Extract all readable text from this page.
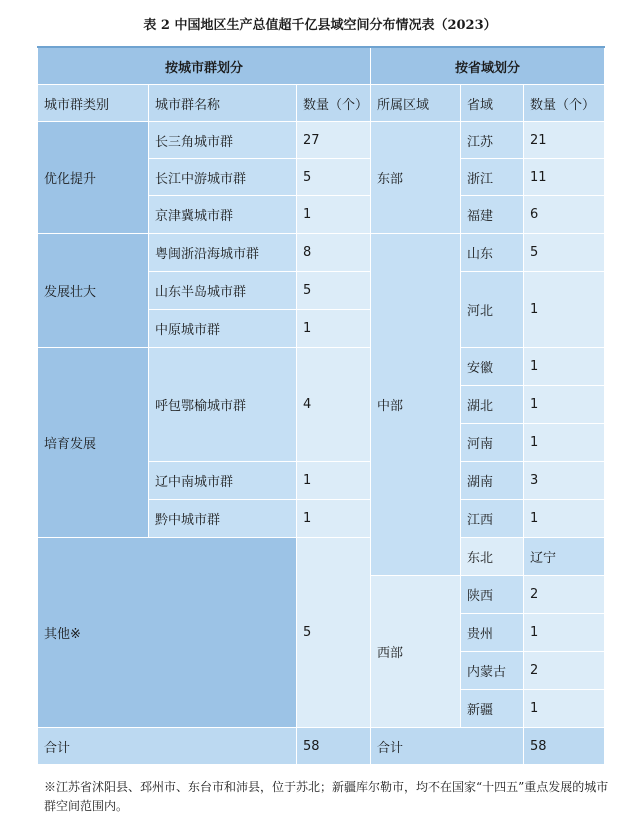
表 2 中国地区生产总值超千亿县域空间分布情况表（2023）
按城市群划分			按省域划分			
城市群类别	城市群名称	数量（个）	所属区域	省域	数量（个）	
优化提升	长三角城市群	27	东部	江苏	21	
	长江中游城市群	5		浙江	11	
	京津冀城市群	1		福建	6	
发展壮大	粤闽浙沿海城市群	8	中部	山东	5	
	山东半岛城市群	5		河北	1	
	中原城市群	1				
培育发展	呼包鄂榆城市群	4		安徽	1	
				湖北	1	
				河南	1	
	辽中南城市群	1		湖南	3	
	黔中城市群	1		江西	1	
其他※		5		东北	辽宁	
			西部	陕西	2	
				贵州	1	
				内蒙古	2	
				新疆	1	
合计		58	合计		58	
※江苏省沭阳县、邳州市、东台市和沛县，位于苏北；新疆库尔勒市，均不在国家“十四五”重点发展的城市群空间范围内。
